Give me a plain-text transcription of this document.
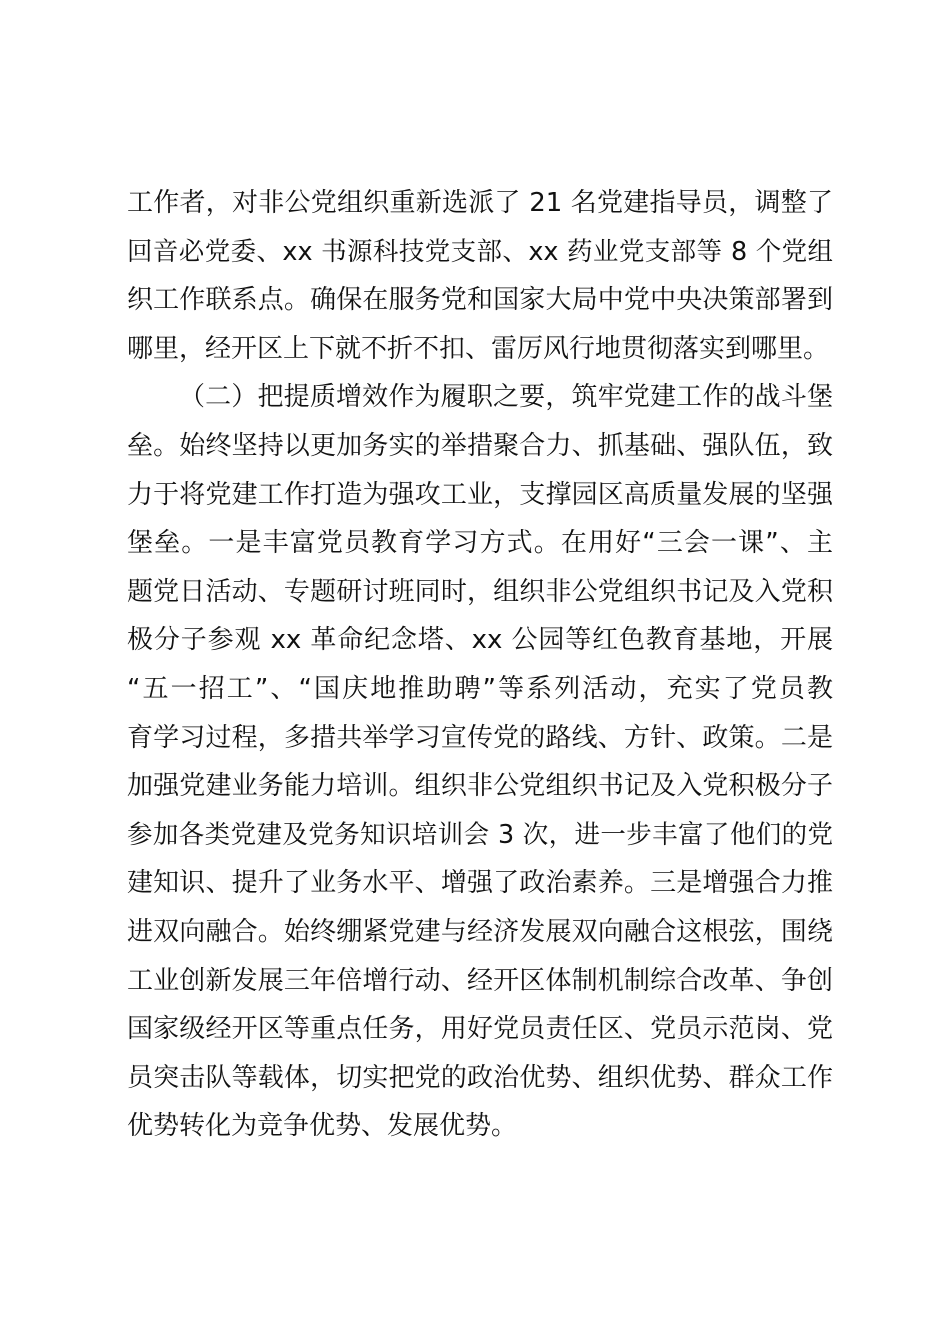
工作者，对非公党组织重新选派了 21 名党建指导员，调整了
回音必党委、xx 书源科技党支部、xx 药业党支部等 8 个党组
织工作联系点。确保在服务党和国家大局中党中央决策部署到
哪里，经开区上下就不折不扣、雷厉风行地贯彻落实到哪里。
（二）把提质增效作为履职之要，筑牢党建工作的战斗堡
垒。始终坚持以更加务实的举措聚合力、抓基础、强队伍，致
力于将党建工作打造为强攻工业，支撑园区高质量发展的坚强
堡垒。一是丰富党员教育学习方式。在用好“三会一课”、主
题党日活动、专题研讨班同时，组织非公党组织书记及入党积
极分子参观 xx 革命纪念塔、xx 公园等红色教育基地，开展
“五一招工”、“国庆地推助聘”等系列活动，充实了党员教
育学习过程，多措共举学习宣传党的路线、方针、政策。二是
加强党建业务能力培训。组织非公党组织书记及入党积极分子
参加各类党建及党务知识培训会 3 次，进一步丰富了他们的党
建知识、提升了业务水平、增强了政治素养。三是增强合力推
进双向融合。始终绷紧党建与经济发展双向融合这根弦，围绕
工业创新发展三年倍增行动、经开区体制机制综合改革、争创
国家级经开区等重点任务，用好党员责任区、党员示范岗、党
员突击队等载体，切实把党的政治优势、组织优势、群众工作
优势转化为竞争优势、发展优势。
